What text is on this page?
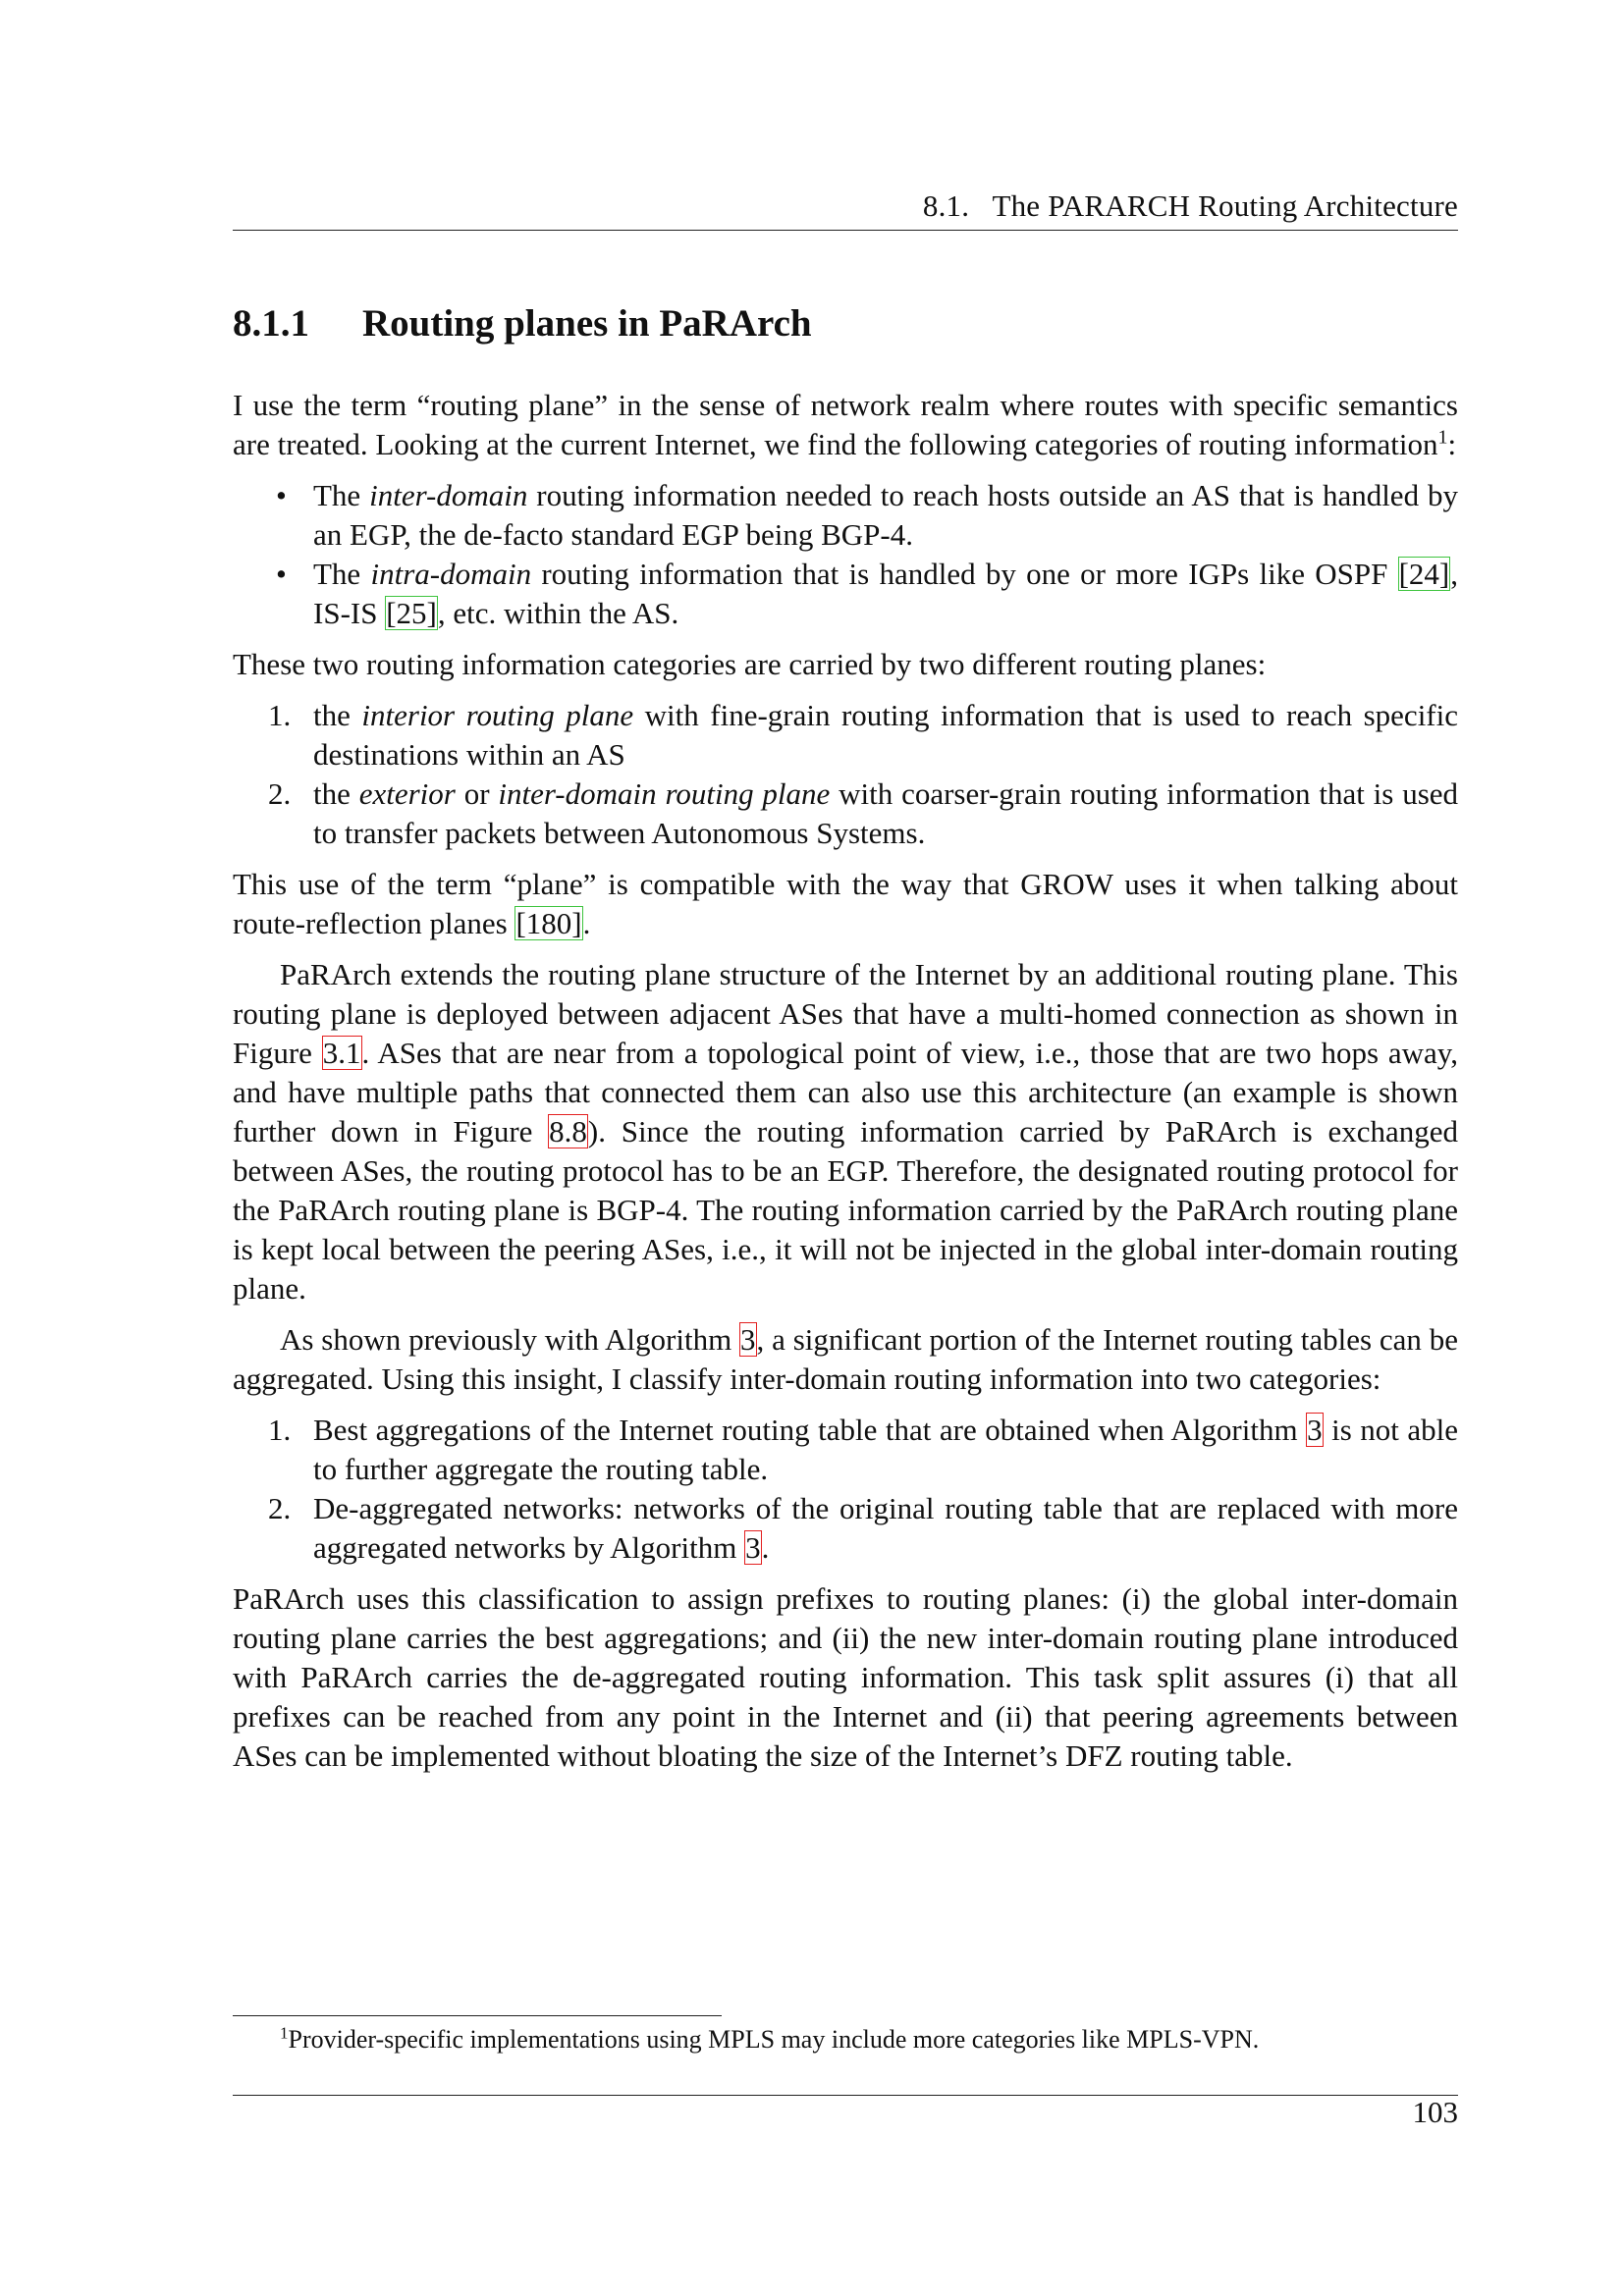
8.1.   The PARARCH Routing Architecture
8.1.1 Routing planes in PaRArch

I use the term “routing plane” in the sense of network realm where routes with specific semantics are treated. Looking at the current Internet, we find the following categories of routing information$^1$:

• The inter-domain routing information needed to reach hosts outside an AS that is handled by an EGP, the de-facto standard EGP being BGP-4.
• The intra-domain routing information that is handled by one or more IGPs like OSPF [24], IS-IS [25], etc. within the AS.

These two routing information categories are carried by two different routing planes:

1. the interior routing plane with fine-grain routing information that is used to reach specific destinations within an AS
2. the exterior or inter-domain routing plane with coarser-grain routing information that is used to transfer packets between Autonomous Systems.

This use of the term “plane” is compatible with the way that GROW uses it when talking about route-reflection planes [180].

PaRArch extends the routing plane structure of the Internet by an additional routing plane. This routing plane is deployed between adjacent ASes that have a multi-homed connection as shown in Figure 3.1. ASes that are near from a topological point of view, i.e., those that are two hops away, and have multiple paths that connected them can also use this architecture (an example is shown further down in Figure 8.8). Since the routing information carried by PaRArch is exchanged between ASes, the routing protocol has to be an EGP. Therefore, the designated routing protocol for the PaRArch routing plane is BGP-4. The routing information carried by the PaRArch routing plane is kept local between the peering ASes, i.e., it will not be injected in the global inter-domain routing plane.

As shown previously with Algorithm 3, a significant portion of the Internet routing tables can be aggregated. Using this insight, I classify inter-domain routing information into two categories:

1. Best aggregations of the Internet routing table that are obtained when Algorithm 3 is not able to further aggregate the routing table.
2. De-aggregated networks: networks of the original routing table that are replaced with more aggregated networks by Algorithm 3.

PaRArch uses this classification to assign prefixes to routing planes: (i) the global inter-domain routing plane carries the best aggregations; and (ii) the new inter-domain routing plane introduced with PaRArch carries the de-aggregated routing information. This task split assures (i) that all prefixes can be reached from any point in the Internet and (ii) that peering agreements between ASes can be implemented without bloating the size of the Internet’s DFZ routing table.

$^1$Provider-specific implementations using MPLS may include more categories like MPLS-VPN.
103
